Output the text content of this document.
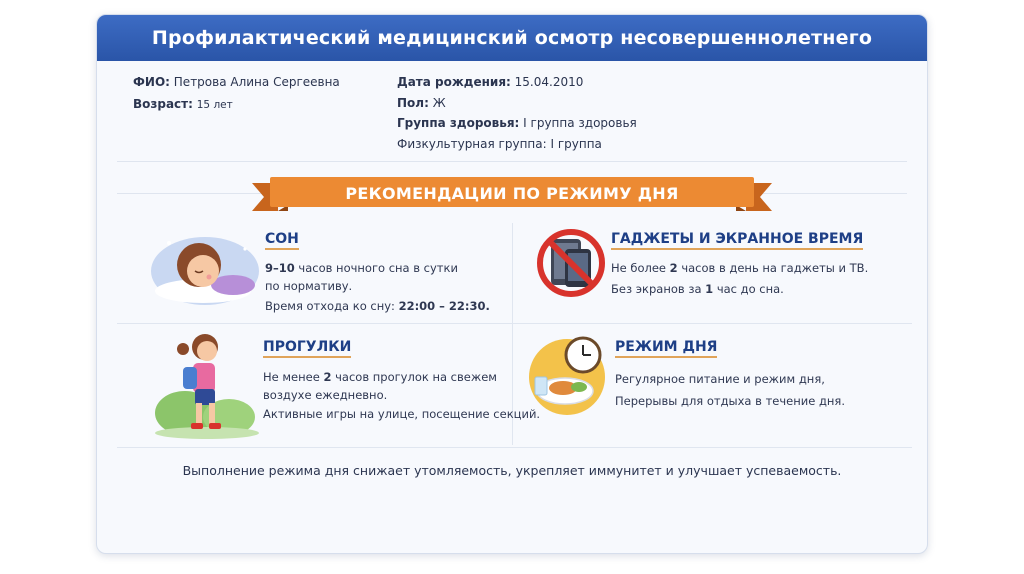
Профилактический медицинский осмотр несовершеннолетнего
ФИО: Петрова Алина Сергеевна
Возраст: 15 лет
Дата рождения: 15.04.2010
Пол: Ж
Группа здоровья: I группа здоровья
Физкультурная группа: I группа
РЕКОМЕНДАЦИИ ПО РЕЖИМУ ДНЯ
СОН
9–10 часов ночного сна в сутки
по нормативу.
Время отхода ко сну: 22:00 – 22:30.
ГАДЖЕТЫ И ЭКРАННОЕ ВРЕМЯ
Не более 2 часов в день на гаджеты и ТВ.
Без экранов за 1 час до сна.
ПРОГУЛКИ
Не менее 2 часов прогулок на свежем
воздухе ежедневно.
Активные игры на улице, посещение секций.
РЕЖИМ ДНЯ
Регулярное питание и режим дня,
Перерывы для отдыха в течение дня.
Выполнение режима дня снижает утомляемость, укрепляет иммунитет и улучшает успеваемость.
